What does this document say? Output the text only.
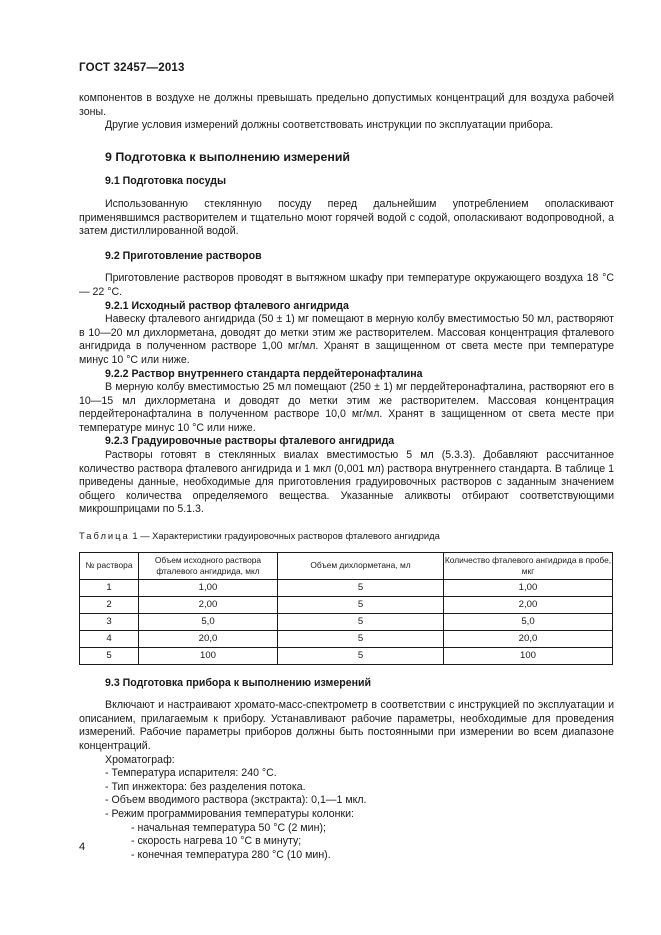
ГОСТ 32457—2013

компонентов в воздухе не должны превышать предельно допустимых концентраций для воздуха рабочей зоны.

Другие условия измерений должны соответствовать инструкции по эксплуатации прибора.

9 Подготовка к выполнению измерений
9.1 Подготовка посуды

Использованную стеклянную посуду перед дальнейшим употреблением ополаскивают применявшимся растворителем и тщательно моют горячей водой с содой, ополаскивают водопроводной, а затем дистиллированной водой.

9.2 Приготовление растворов

Приготовление растворов проводят в вытяжном шкафу при температуре окружающего воздуха 18 °С — 22 °С.

9.2.1 Исходный раствор фталевого ангидрида

Навеску фталевого ангидрида (50 ± 1) мг помещают в мерную колбу вместимостью 50 мл, растворяют в 10—20 мл дихлорметана, доводят до метки этим же растворителем. Массовая концентрация фталевого ангидрида в полученном растворе 1,00 мг/мл. Хранят в защищенном от света месте при температуре минус 10 °С или ниже.

9.2.2 Раствор внутреннего стандарта пердейтеронафталина

В мерную колбу вместимостью 25 мл помещают (250 ± 1) мг пердейтеронафталина, растворяют его в 10—15 мл дихлорметана и доводят до метки этим же растворителем. Массовая концентрация пердейтеронафталина в полученном растворе 10,0 мг/мл. Хранят в защищенном от света месте при температуре минус 10 °С или ниже.

9.2.3 Градуировочные растворы фталевого ангидрида

Растворы готовят в стеклянных виалах вместимостью 5 мл (5.3.3). Добавляют рассчитанное количество раствора фталевого ангидрида и 1 мкл (0,001 мл) раствора внутреннего стандарта. В таблице 1 приведены данные, необходимые для приготовления градуировочных растворов с заданным значением общего количества определяемого вещества. Указанные аликвоты отбирают соответствующими микрошприцами по 5.1.3.

Таблица 1 — Характеристики градуировочных растворов фталевого ангидрида
№ раствора	Объем исходного раствора фталевого ангидрида, мкл	Объем дихлорметана, мл	Количество фталевого ангидрида в пробе, мкг
1	1,00	5	1,00
2	2,00	5	2,00
3	5,0	5	5,0
4	20,0	5	20,0
5	100	5	100
9.3 Подготовка прибора к выполнению измерений

Включают и настраивают хромато-масс-спектрометр в соответствии с инструкцией по эксплуатации и описанием, прилагаемым к прибору. Устанавливают рабочие параметры, необходимые для проведения измерений. Рабочие параметры приборов должны быть постоянными при измерении во всем диапазоне концентраций.

Хроматограф:

- Температура испарителя: 240 °С.
- Тип инжектора: без разделения потока.
- Объем вводимого раствора (экстракта): 0,1—1 мкл.
- Режим программирования температуры колонки:
- начальная температура 50 °С (2 мин);
- скорость нагрева 10 °С в минуту;
- конечная температура 280 °С (10 мин).
4
